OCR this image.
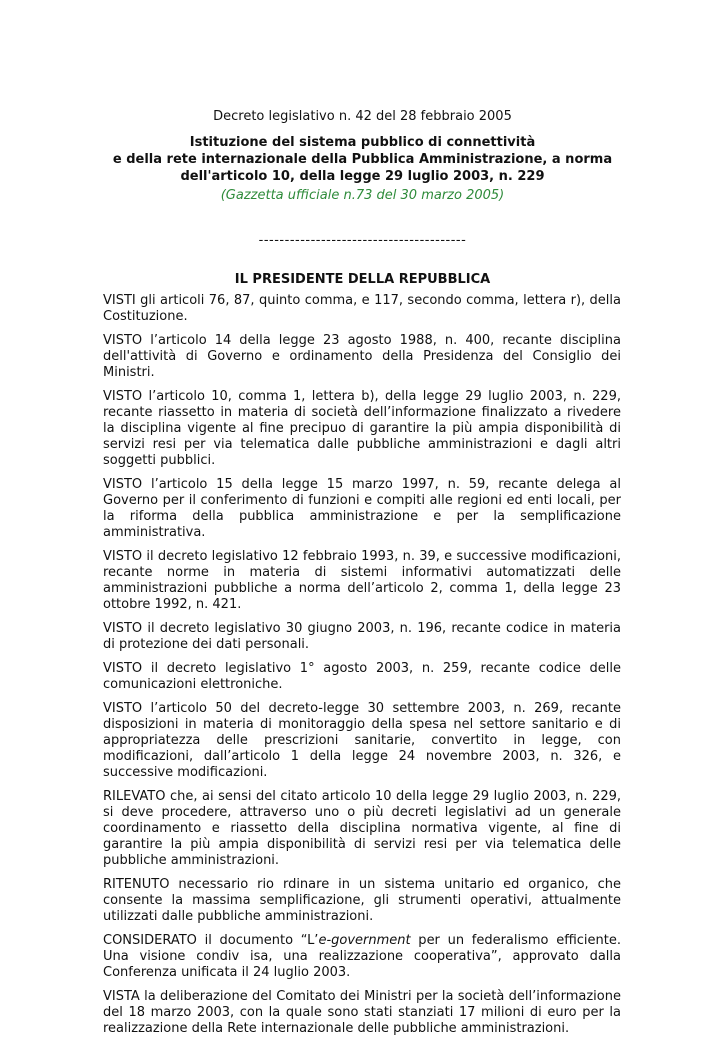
Decreto legislativo n. 42 del 28 febbraio 2005

Istituzione del sistema pubblico di connettività
e della rete internazionale della Pubblica Amministrazione, a norma
dell'articolo 10, della legge 29 luglio 2003, n. 229

(Gazzetta ufficiale n.73 del 30 marzo 2005)

----------------------------------------

IL PRESIDENTE DELLA REPUBBLICA

VISTI gli articoli 76, 87, quinto comma, e 117, secondo comma, lettera r), della Costituzione.

VISTO l’articolo 14 della legge 23 agosto 1988, n. 400, recante disciplina dell'attività di Governo e ordinamento della Presidenza del Consiglio dei Ministri.

VISTO l’articolo 10, comma 1, lettera b), della legge 29 luglio 2003, n. 229, recante riassetto in materia di società dell’informazione finalizzato a rivedere la disciplina vigente al fine precipuo di garantire la più ampia disponibilità di servizi resi per via telematica dalle pubbliche amministrazioni e dagli altri soggetti pubblici.

VISTO l’articolo 15 della legge 15 marzo 1997, n. 59, recante delega al Governo per il conferimento di funzioni e compiti alle regioni ed enti locali, per la riforma della pubblica amministrazione e per la semplificazione amministrativa.

VISTO il decreto legislativo 12 febbraio 1993, n. 39, e successive modificazioni, recante norme in materia di sistemi informativi automatizzati delle amministrazioni pubbliche a norma dell’articolo 2, comma 1, della legge 23 ottobre 1992, n. 421.

VISTO il decreto legislativo 30 giugno 2003, n. 196, recante codice in materia di protezione dei dati personali.

VISTO il decreto legislativo 1° agosto 2003, n. 259, recante codice delle comunicazioni elettroniche.

VISTO l’articolo 50 del decreto-legge 30 settembre 2003, n. 269, recante disposizioni in materia di monitoraggio della spesa nel settore sanitario e di appropriatezza delle prescrizioni sanitarie, convertito in legge, con modificazioni, dall’articolo 1 della legge 24 novembre 2003, n. 326, e successive modificazioni.

RILEVATO che, ai sensi del citato articolo 10 della legge 29 luglio 2003, n. 229, si deve procedere, attraverso uno o più decreti legislativi ad un generale coordinamento e riassetto della disciplina normativa vigente, al fine di garantire la più ampia disponibilità di servizi resi per via telematica delle pubbliche amministrazioni.

RITENUTO necessario rio rdinare in un sistema unitario ed organico, che consente la massima semplificazione, gli strumenti operativi, attualmente utilizzati dalle pubbliche amministrazioni.

CONSIDERATO il documento “L’e-government per un federalismo efficiente. Una visione condiv isa, una realizzazione cooperativa”, approvato dalla Conferenza unificata il 24 luglio 2003.

VISTA la deliberazione del Comitato dei Ministri per la società dell’informazione del 18 marzo 2003, con la quale sono stati stanziati 17 milioni di euro per la realizzazione della Rete internazionale delle pubbliche amministrazioni.
